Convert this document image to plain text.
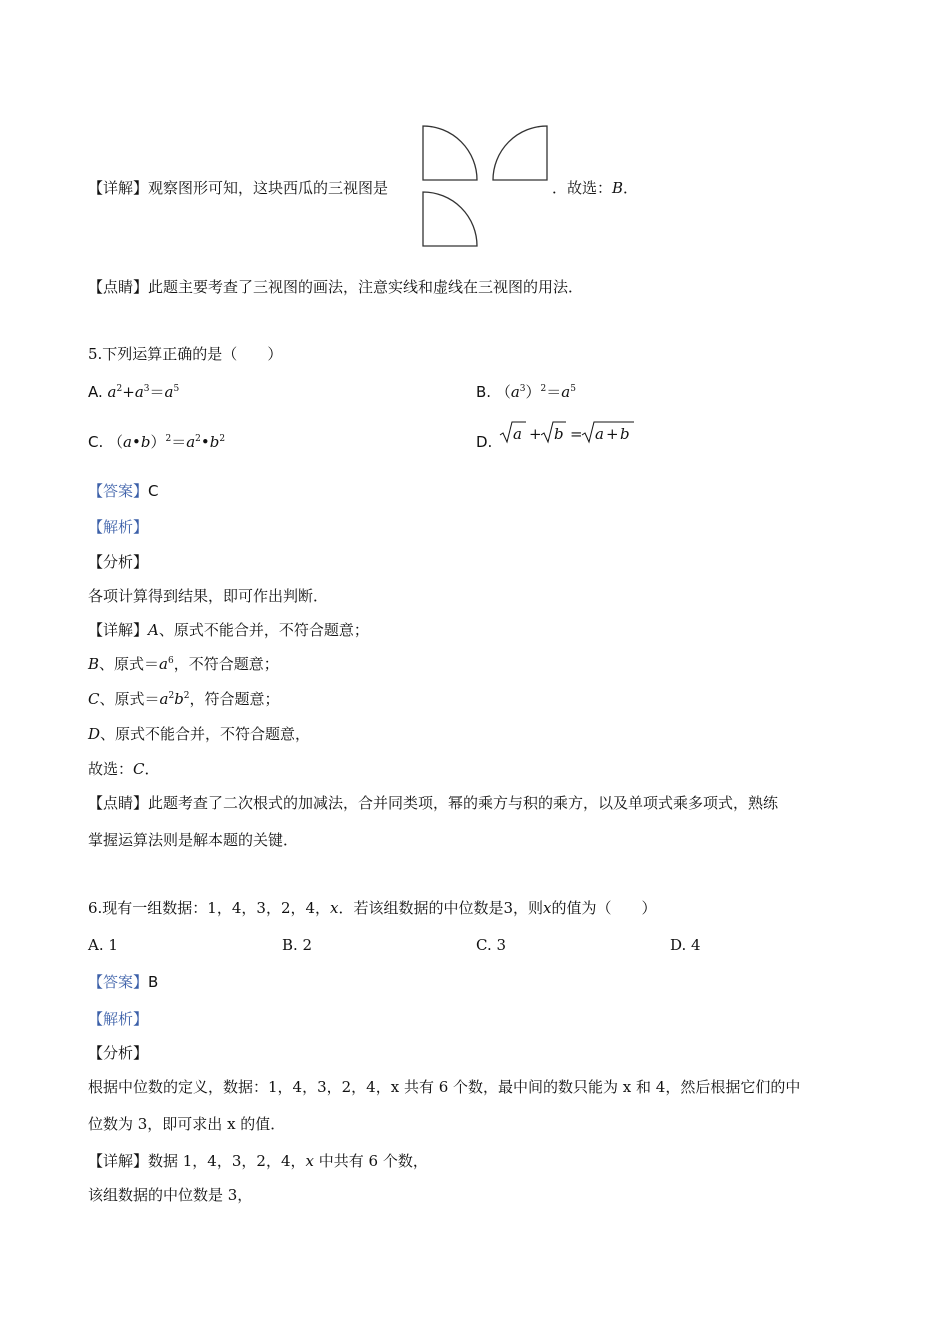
【详解】观察图形可知，这块西瓜的三视图是	．故选：B．
【点睛】此题主要考查了三视图的画法，注意实线和虚线在三视图的用法．
5.下列运算正确的是（　　）
A. $a^2+a^3=a^5$	B. $(a^3)^2=a^5$
C. $(a•b)^2=a^2•b^2$	D. a + b = a + b
【答案】C
【解析】
【分析】
各项计算得到结果，即可作出判断．
【详解】A、原式不能合并，不符合题意；
B、原式$=a^6$，不符合题意；
C、原式$=a^2b^2$，符合题意；
D、原式不能合并，不符合题意，
故选：C．
【点睛】此题考查了二次根式的加减法，合并同类项，幂的乘方与积的乘方，以及单项式乘多项式，熟练
掌握运算法则是解本题的关键．
6.现有一组数据：1，4，3，2，4，x．若该组数据的中位数是3，则x的值为（　　）
A. 1	B. 2	C. 3	D. 4
【答案】B
【解析】
【分析】
根据中位数的定义，数据：1，4，3，2，4，x 共有 6 个数，最中间的数只能为 x 和 4，然后根据它们的中
位数为 3，即可求出 x 的值．
【详解】数据 1，4，3，2，4，x 中共有 6 个数，
该组数据的中位数是 3，
